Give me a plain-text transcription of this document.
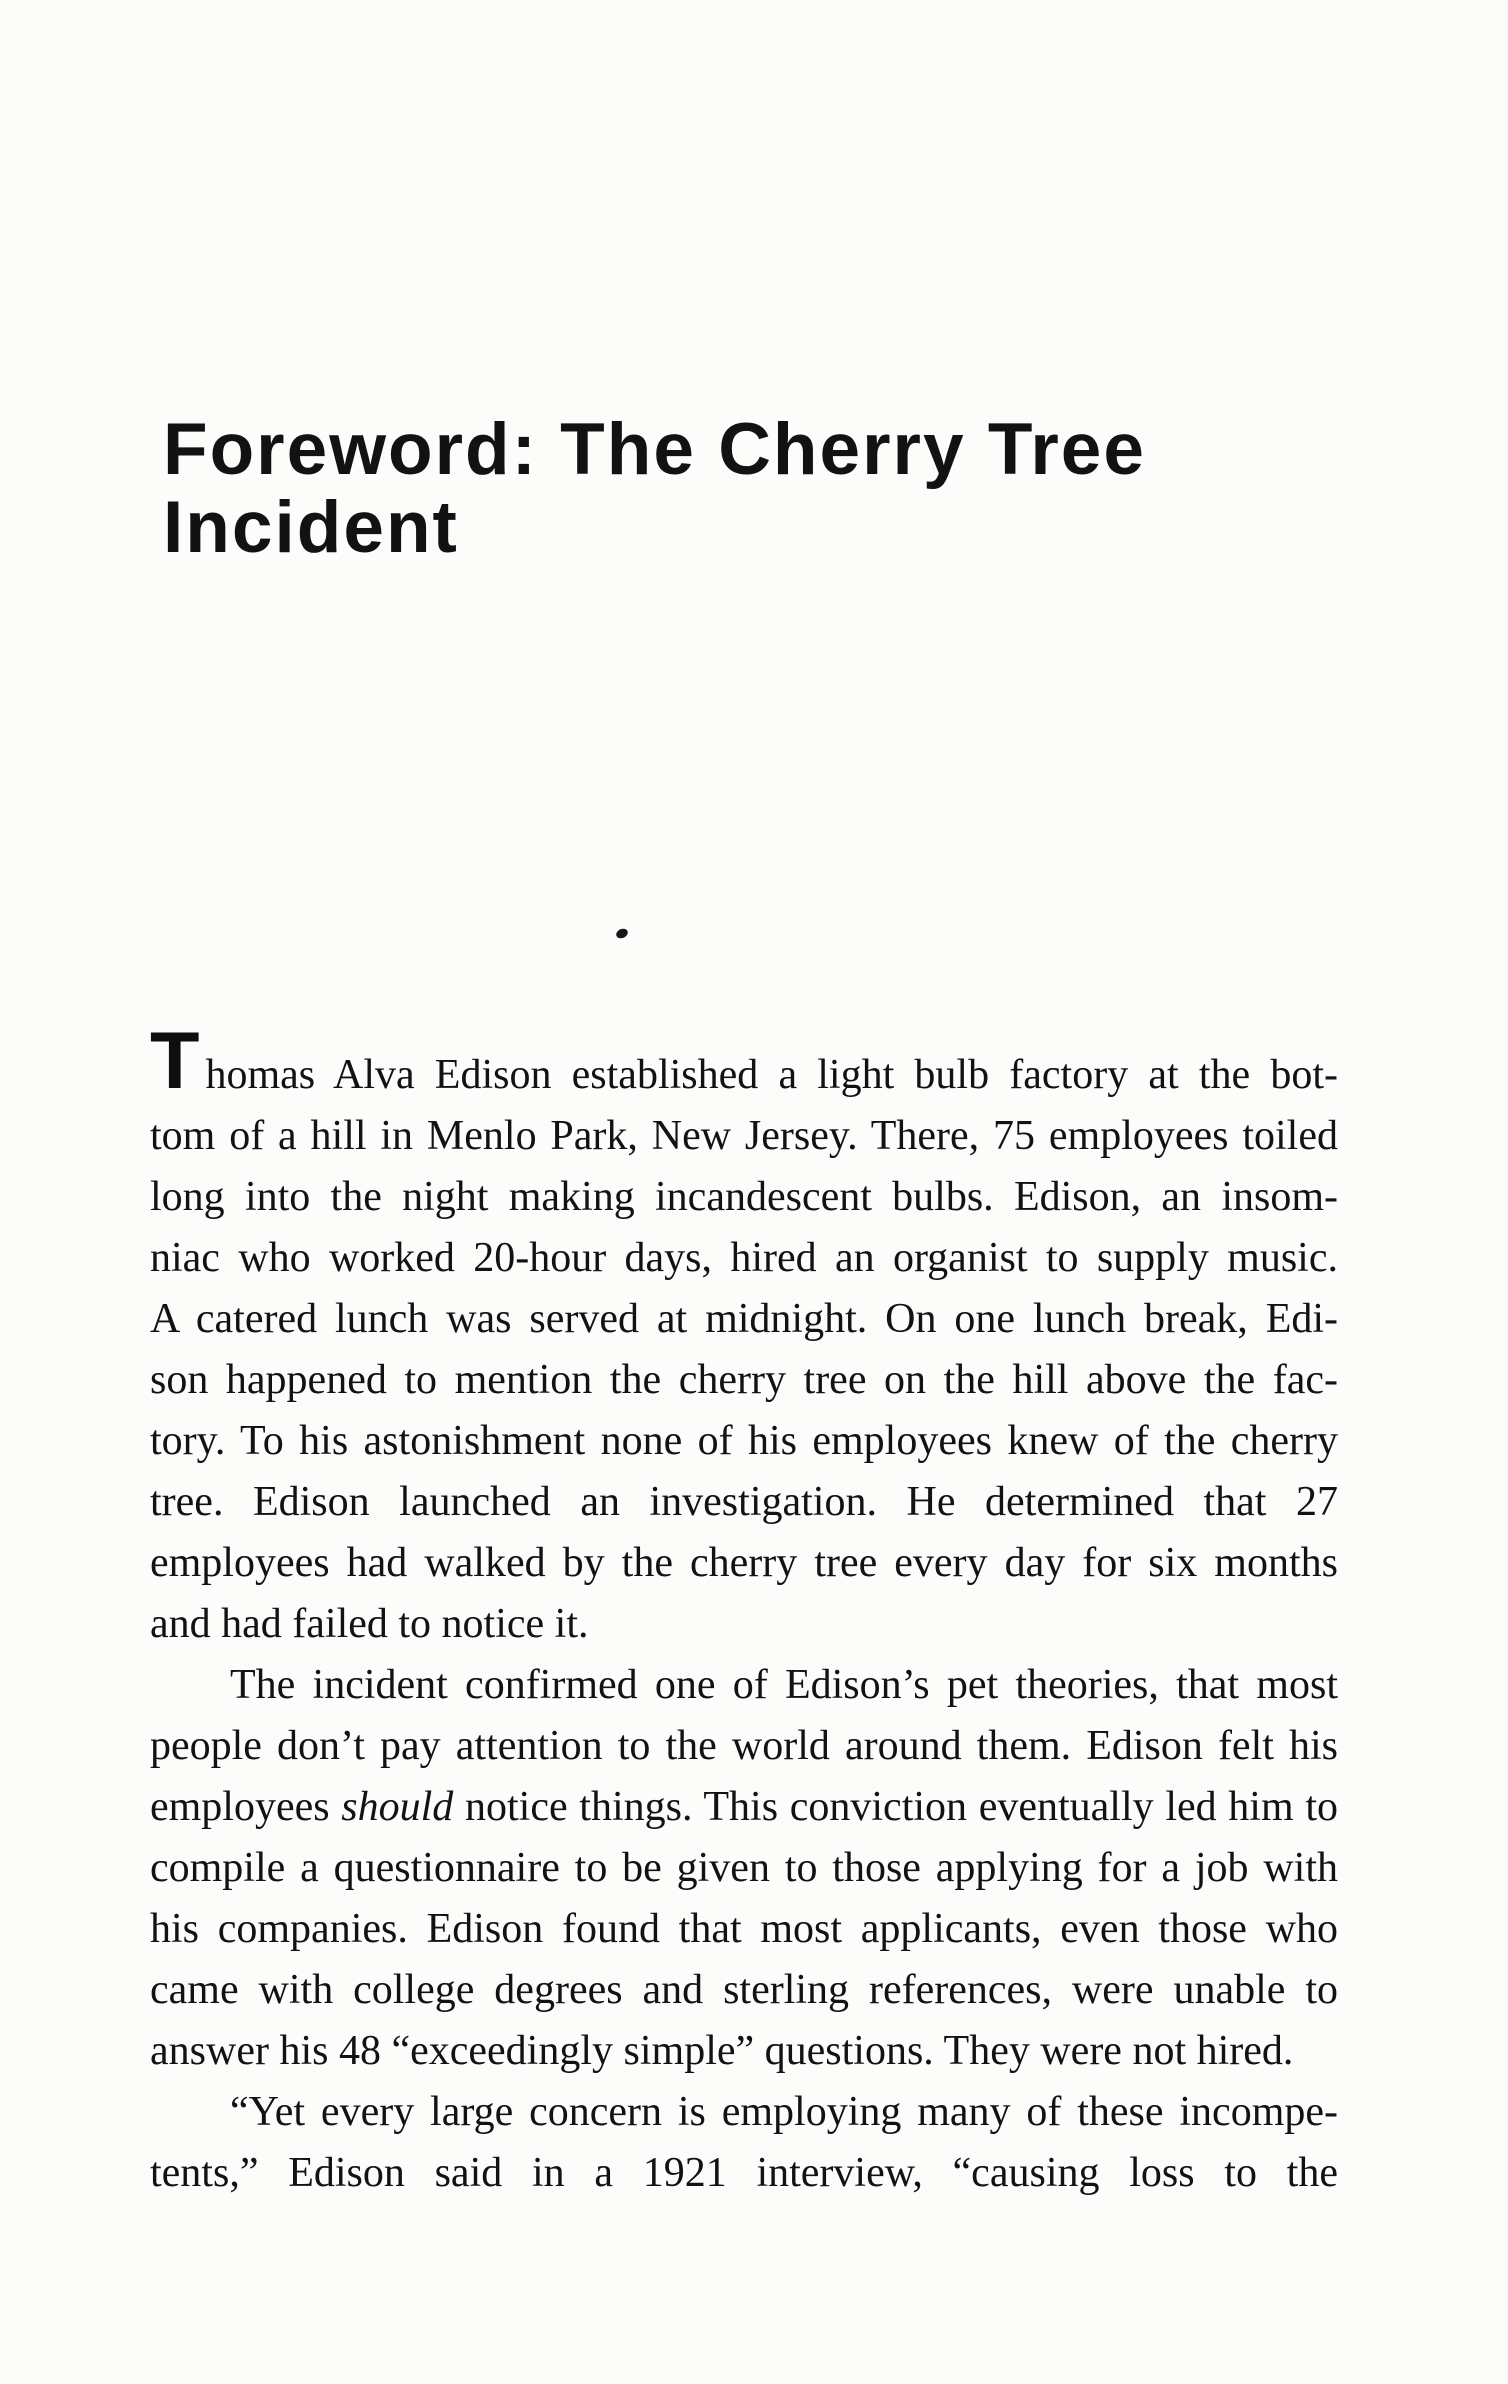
Foreword: The Cherry Tree
Incident
Thomas Alva Edison established a light bulb factory at the bot-
tom of a hill in Menlo Park, New Jersey. There, 75 employees toiled
long into the night making incandescent bulbs. Edison, an insom-
niac who worked 20-hour days, hired an organist to supply music.
A catered lunch was served at midnight. On one lunch break, Edi-
son happened to mention the cherry tree on the hill above the fac-
tory. To his astonishment none of his employees knew of the cherry
tree. Edison launched an investigation. He determined that 27
employees had walked by the cherry tree every day for six months
and had failed to notice it.
The incident confirmed one of Edison’s pet theories, that most
people don’t pay attention to the world around them. Edison felt his
employees should notice things. This conviction eventually led him to
compile a questionnaire to be given to those applying for a job with
his companies. Edison found that most applicants, even those who
came with college degrees and sterling references, were unable to
answer his 48 “exceedingly simple” questions. They were not hired.
“Yet every large concern is employing many of these incompe-
tents,” Edison said in a 1921 interview, “causing loss to the
